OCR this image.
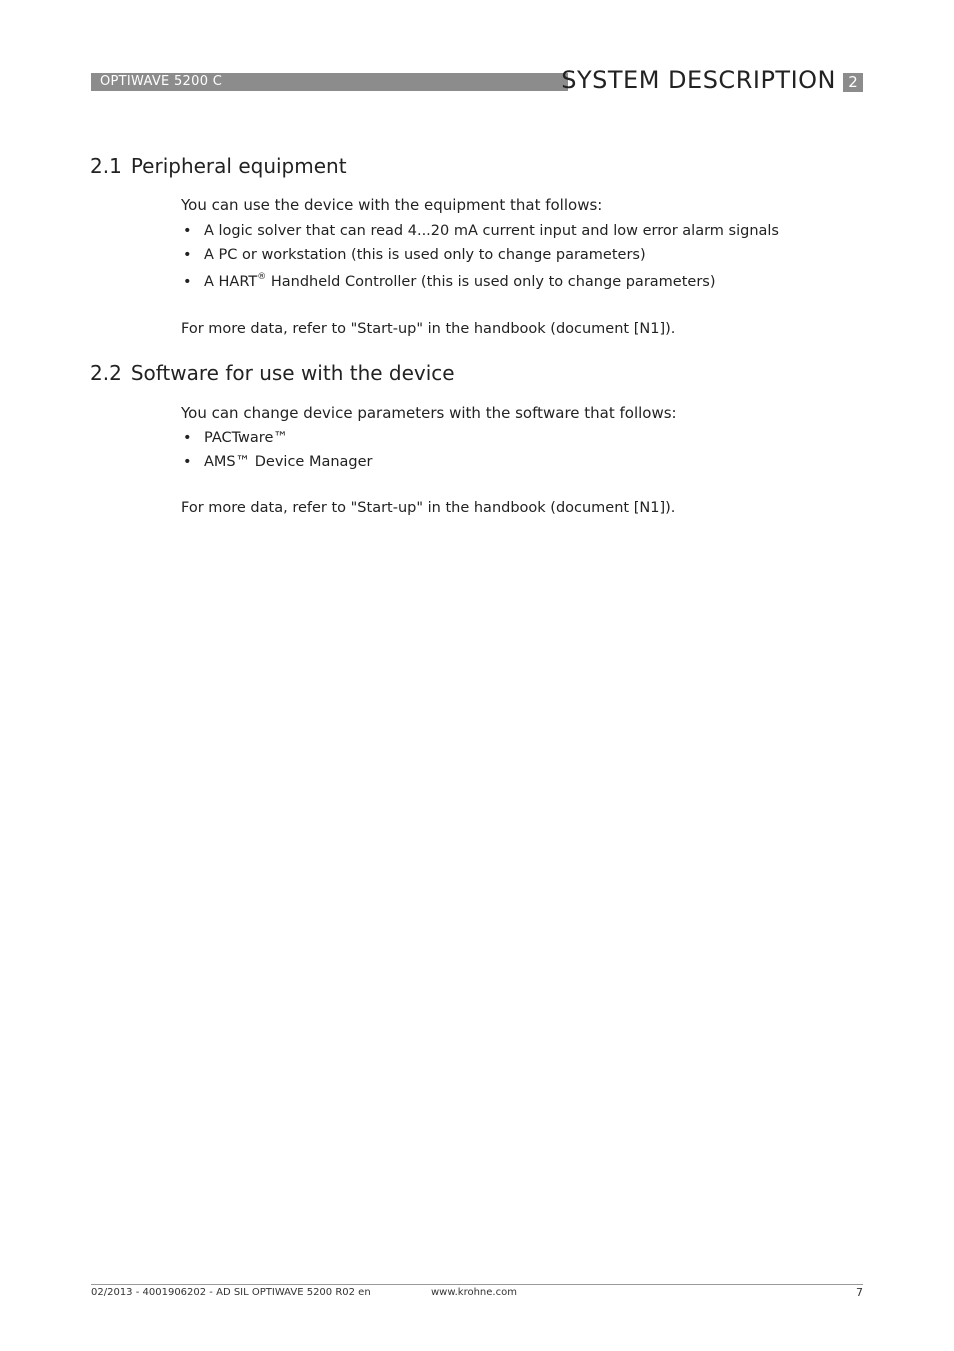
OPTIWAVE 5200 C	SYSTEM DESCRIPTION 2
2.1 Peripheral equipment
You can use the device with the equipment that follows:
• A logic solver that can read 4...20 mA current input and low error alarm signals
• A PC or workstation (this is used only to change parameters)
• A HART® Handheld Controller (this is used only to change parameters)
For more data, refer to "Start-up" in the handbook (document [N1]).
2.2 Software for use with the device
You can change device parameters with the software that follows:
• PACTware™
• AMS™ Device Manager
For more data, refer to "Start-up" in the handbook (document [N1]).
02/2013 - 4001906202 - AD SIL OPTIWAVE 5200 R02 en	www.krohne.com	7
